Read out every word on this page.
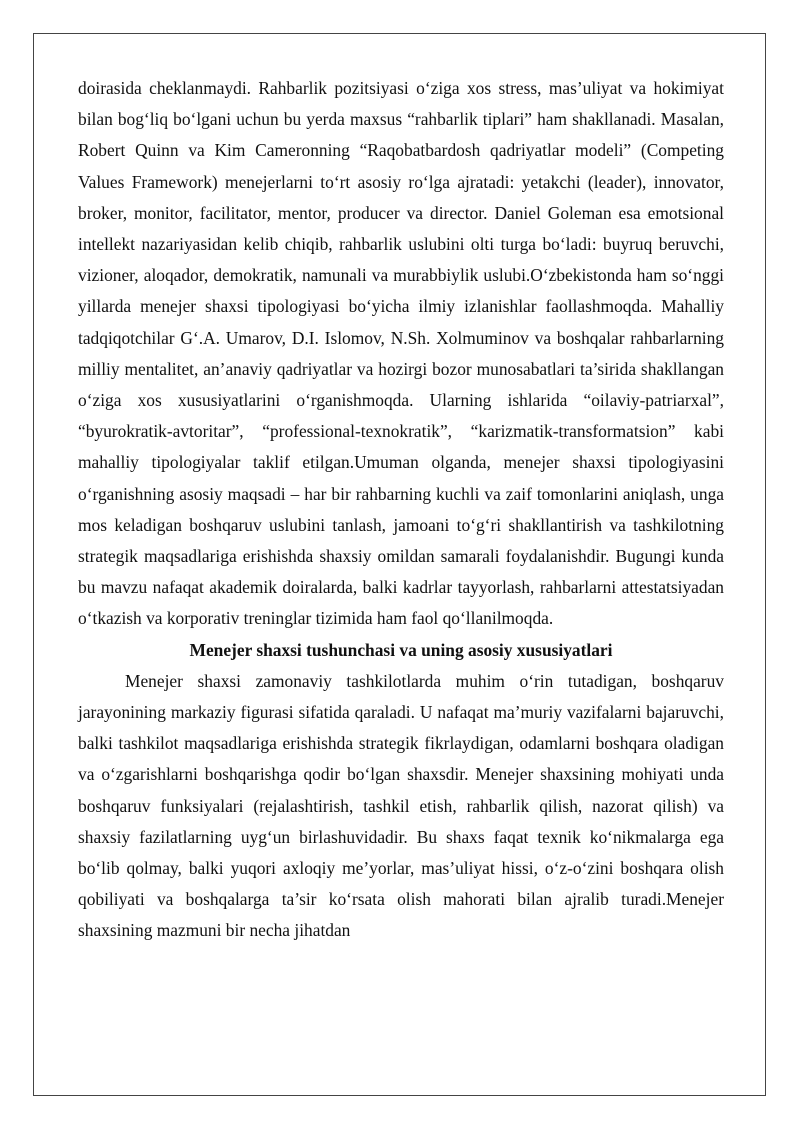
doirasida cheklanmaydi. Rahbarlik pozitsiyasi o‘ziga xos stress, mas’uliyat va hokimiyat bilan bog‘liq bo‘lgani uchun bu yerda maxsus “rahbarlik tiplari” ham shakllanadi. Masalan, Robert Quinn va Kim Cameronning “Raqobatbardosh qadriyatlar modeli” (Competing Values Framework) menejerlarni to‘rt asosiy ro‘lga ajratadi: yetakchi (leader), innovator, broker, monitor, facilitator, mentor, producer va director. Daniel Goleman esa emotsional intellekt nazariyasidan kelib chiqib, rahbarlik uslubini olti turga bo‘ladi: buyruq beruvchi, vizioner, aloqador, demokratik, namunali va murabbiylik uslubi.O‘zbekistonda ham so‘nggi yillarda menejer shaxsi tipologiyasi bo‘yicha ilmiy izlanishlar faollashmoqda. Mahalliy tadqiqotchilar G‘.A. Umarov, D.I. Islomov, N.Sh. Xolmuminov va boshqalar rahbarlarning milliy mentalitet, an’anaviy qadriyatlar va hozirgi bozor munosabatlari ta’sirida shakllangan o‘ziga xos xususiyatlarini o‘rganishmoqda. Ularning ishlarida “oilaviy-patriarxal”, “byurokratik-avtoritar”, “professional-texnokratik”, “karizmatik-transformatsion” kabi mahalliy tipologiyalar taklif etilgan.Umuman olganda, menejer shaxsi tipologiyasini o‘rganishning asosiy maqsadi – har bir rahbarning kuchli va zaif tomonlarini aniqlash, unga mos keladigan boshqaruv uslubini tanlash, jamoani to‘g‘ri shakllantirish va tashkilotning strategik maqsadlariga erishishda shaxsiy omildan samarali foydalanishdir. Bugungi kunda bu mavzu nafaqat akademik doiralarda, balki kadrlar tayyorlash, rahbarlarni attestatsiyadan o‘tkazish va korporativ treninglar tizimida ham faol qo‘llanilmoqda.

Menejer shaxsi tushunchasi va uning asosiy xususiyatlari

Menejer shaxsi zamonaviy tashkilotlarda muhim o‘rin tutadigan, boshqaruv jarayonining markaziy figurasi sifatida qaraladi. U nafaqat ma’muriy vazifalarni bajaruvchi, balki tashkilot maqsadlariga erishishda strategik fikrlaydigan, odamlarni boshqara oladigan va o‘zgarishlarni boshqarishga qodir bo‘lgan shaxsdir. Menejer shaxsining mohiyati unda boshqaruv funksiyalari (rejalashtirish, tashkil etish, rahbarlik qilish, nazorat qilish) va shaxsiy fazilatlarning uyg‘un birlashuvidadir. Bu shaxs faqat texnik ko‘nikmalarga ega bo‘lib qolmay, balki yuqori axloqiy me’yorlar, mas’uliyat hissi, o‘z-o‘zini boshqara olish qobiliyati va boshqalarga ta’sir ko‘rsata olish mahorati bilan ajralib turadi.Menejer shaxsining mazmuni bir necha jihatdan
